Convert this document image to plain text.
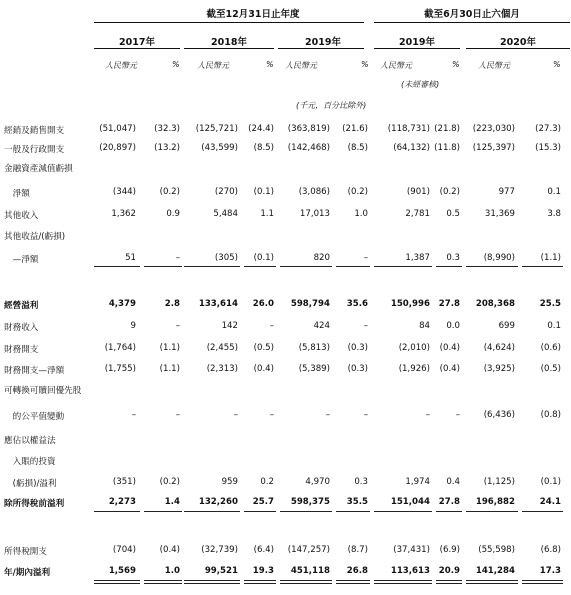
截至12月31日止年度	截至6月30日止六個月
2017年	2018年	2019年	2019年	2020年
人民幣元	% 人民幣元	% 人民幣元	% 人民幣元	% 人民幣元	%
(千元，百分比除外)
(未經審核)
經銷及銷售開支	(51,047)	(32.3)	(125,721)	(24.4)	(363,819)	(21.6)	(118,731) (21.8)	(223,030)	(27.3)
一般及行政開支	(20,897)	(13.2)	(43,599)	(8.5)	(142,468)	(8.5)	(64,132) (11.8)	(125,397)	(15.3)
金融資產減值虧損
　淨額	(344)	(0.2)	(270)	(0.1)	(3,086)	(0.2)	(901)	(0.2)	977	0.1
其他收入	1,362	0.9	5,484	1.1	17,013	1.0	2,781	0.5	31,369	3.8
其他收益/(虧損)
　—淨額	51	–	(305)	(0.1)	820	–	1,387	0.3	(8,990)	(1.1)
經營溢利	4,379	2.8	133,614	26.0	598,794	35.6	150,996	27.8	208,368	25.5
財務收入	9	–	142	–	424	–	84	0.0	699	0.1
財務開支	(1,764)	(1.1)	(2,455)	(0.5)	(5,813)	(0.3)	(2,010)	(0.4)	(4,624)	(0.6)
財務開支—淨額	(1,755)	(1.1)	(2,313)	(0.4)	(5,389)	(0.3)	(1,926)	(0.4)	(3,925)	(0.5)
可轉換可贖回優先股
　的公平值變動	–	–	–	–	–	–	–	–	(6,436)	(0.8)
應佔以權益法
　入賬的投資
　(虧損)/溢利	(351)	(0.2)	959	0.2	4,970	0.3	1,974	0.4	(1,125)	(0.1)
除所得稅前溢利	2,273	1.4	132,260	25.7	598,375	35.5	151,044	27.8	196,882	24.1
所得稅開支	(704)	(0.4)	(32,739)	(6.4)	(147,257)	(8.7)	(37,431)	(6.9)	(55,598)	(6.8)
年/期內溢利	1,569	1.0	99,521	19.3	451,118	26.8	113,613	20.9	141,284	17.3
